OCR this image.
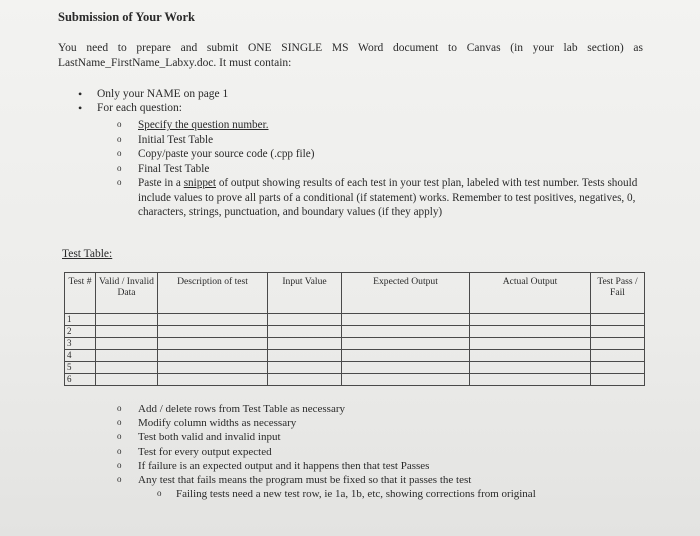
Submission of Your Work
You need to prepare and submit ONE SINGLE MS Word document to Canvas (in your lab section) as LastName_FirstName_Labxy.doc. It must contain:
• Only your NAME on page 1
• For each question:
o Specify the question number.
o Initial Test Table
o Copy/paste your source code (.cpp file)
o Final Test Table
o Paste in a snippet of output showing results of each test in your test plan, labeled with test number. Tests should include values to prove all parts of a conditional (if statement) works. Remember to test positives, negatives, 0, characters, strings, punctuation, and boundary values (if they apply)
Test Table:
Test #	Valid / Invalid Data	Description of test	Input Value	Expected Output	Actual Output	Test Pass / Fail
1						
2						
3						
4						
5						
6						
o Add / delete rows from Test Table as necessary
o Modify column widths as necessary
o Test both valid and invalid input
o Test for every output expected
o If failure is an expected output and it happens then that test Passes
o Any test that fails means the program must be fixed so that it passes the test
o Failing tests need a new test row, ie 1a, 1b, etc, showing corrections from original
